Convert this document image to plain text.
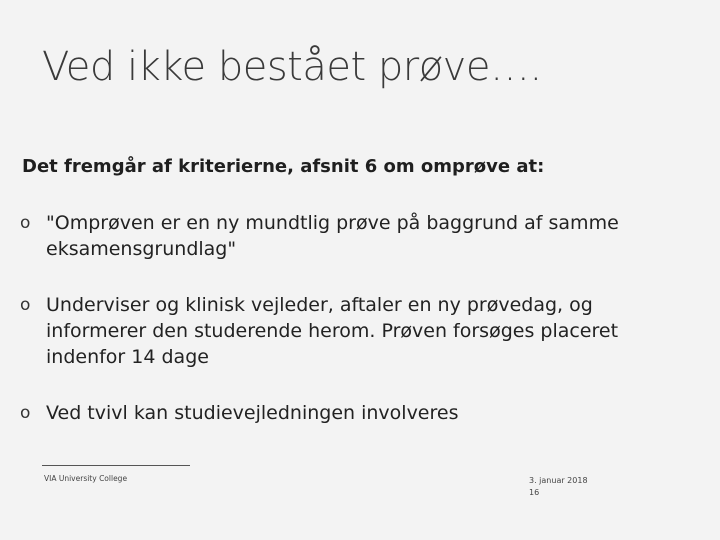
Ved ikke bestået prøve….
Det fremgår af kriterierne, afsnit 6 om omprøve at:
o "Omprøven er en ny mundtlig prøve på baggrund af samme eksamensgrundlag"
o Underviser og klinisk vejleder, aftaler en ny prøvedag, og informerer den studerende herom. Prøven forsøges placeret indenfor 14 dage
o Ved tvivl kan studievejledningen involveres
VIA University College	3. januar 2018
16
